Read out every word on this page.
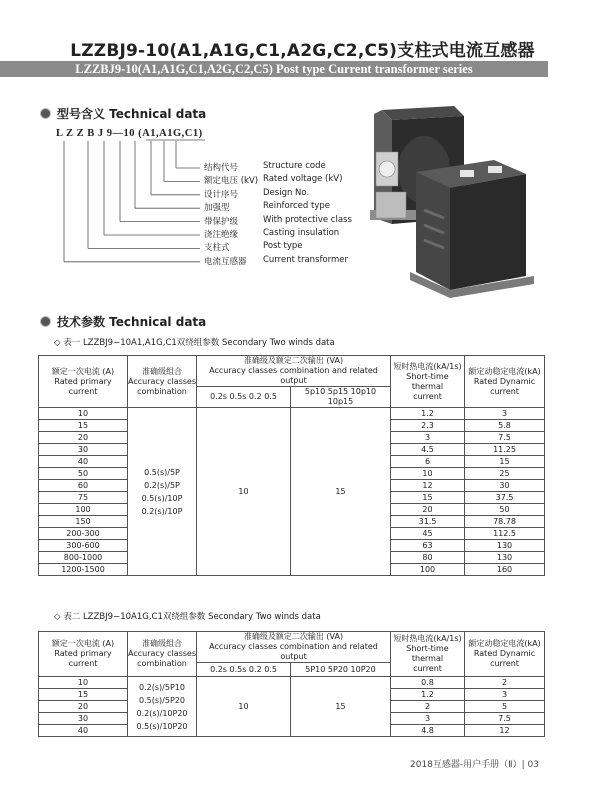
LZZBJ9-10(A1,A1G,C1,A2G,C2,C5)支柱式电流互感器
LZZBJ9-10(A1,A1G,C1,A2G,C2,C5) Post type Current transformer series
型号含义 Technical data
L Z Z B J 9—10 (A1,A1G,C1)
结构代号	Structure code
额定电压 (kV) Rated voltage (kV)
设计序号	Design No.
加强型	Reinforced type
带保护级	With protective class
浇注绝缘	Casting insulation
支柱式	Post type
电流互感器 Current transformer
技术参数 Technical data
◇ 表一 LZZBJ9−10A1,A1G,C1双绕组参数 Secondary Two winds data
额定一次电流 (A)
Rated primary current	准确级组合
Accuracy classes
combination	准确级及额定二次输出 (VA)
Accuracy classes combination and related output		短时热电流(kA/1s)
Short-time thermal
current	额定动稳定电流(kA)
Rated Dynamic
current
		0.2s 0.5s 0.2 0.5	5p10 5p15 10p10 10p15		
10	0.5(s)/5P
0.2(s)/5P
0.5(s)/10P
0.2(s)/10P	10	15	1.2	3
15				2.3	5.8
20				3	7.5
30				4.5	11.25
40				6	15
50				10	25
60				12	30
75				15	37.5
100				20	50
150				31.5	78.78
200-300				45	112.5
300-600				63	130
800-1000				80	130
1200-1500				100	160
◇ 表二 LZZBJ9−10A1G,C1双绕组参数 Secondary Two winds data
额定一次电流 (A)
Rated primary current	准确级组合
Accuracy classes
combination	准确级及额定二次输出 (VA)
Accuracy classes combination and related output		短时热电流(kA/1s)
Short-time thermal
current	额定动稳定电流(kA)
Rated Dynamic
current
		0.2s 0.5s 0.2 0.5	5P10 5P20 10P20		
10	0.2(s)/5P10
0.5(s)/5P20
0.2(s)/10P20
0.5(s)/10P20	10	15	0.8	2
15				1.2	3
20				2	5
30				3	7.5
40				4.8	12
2018互感器-用户手册（Ⅱ）| 03
